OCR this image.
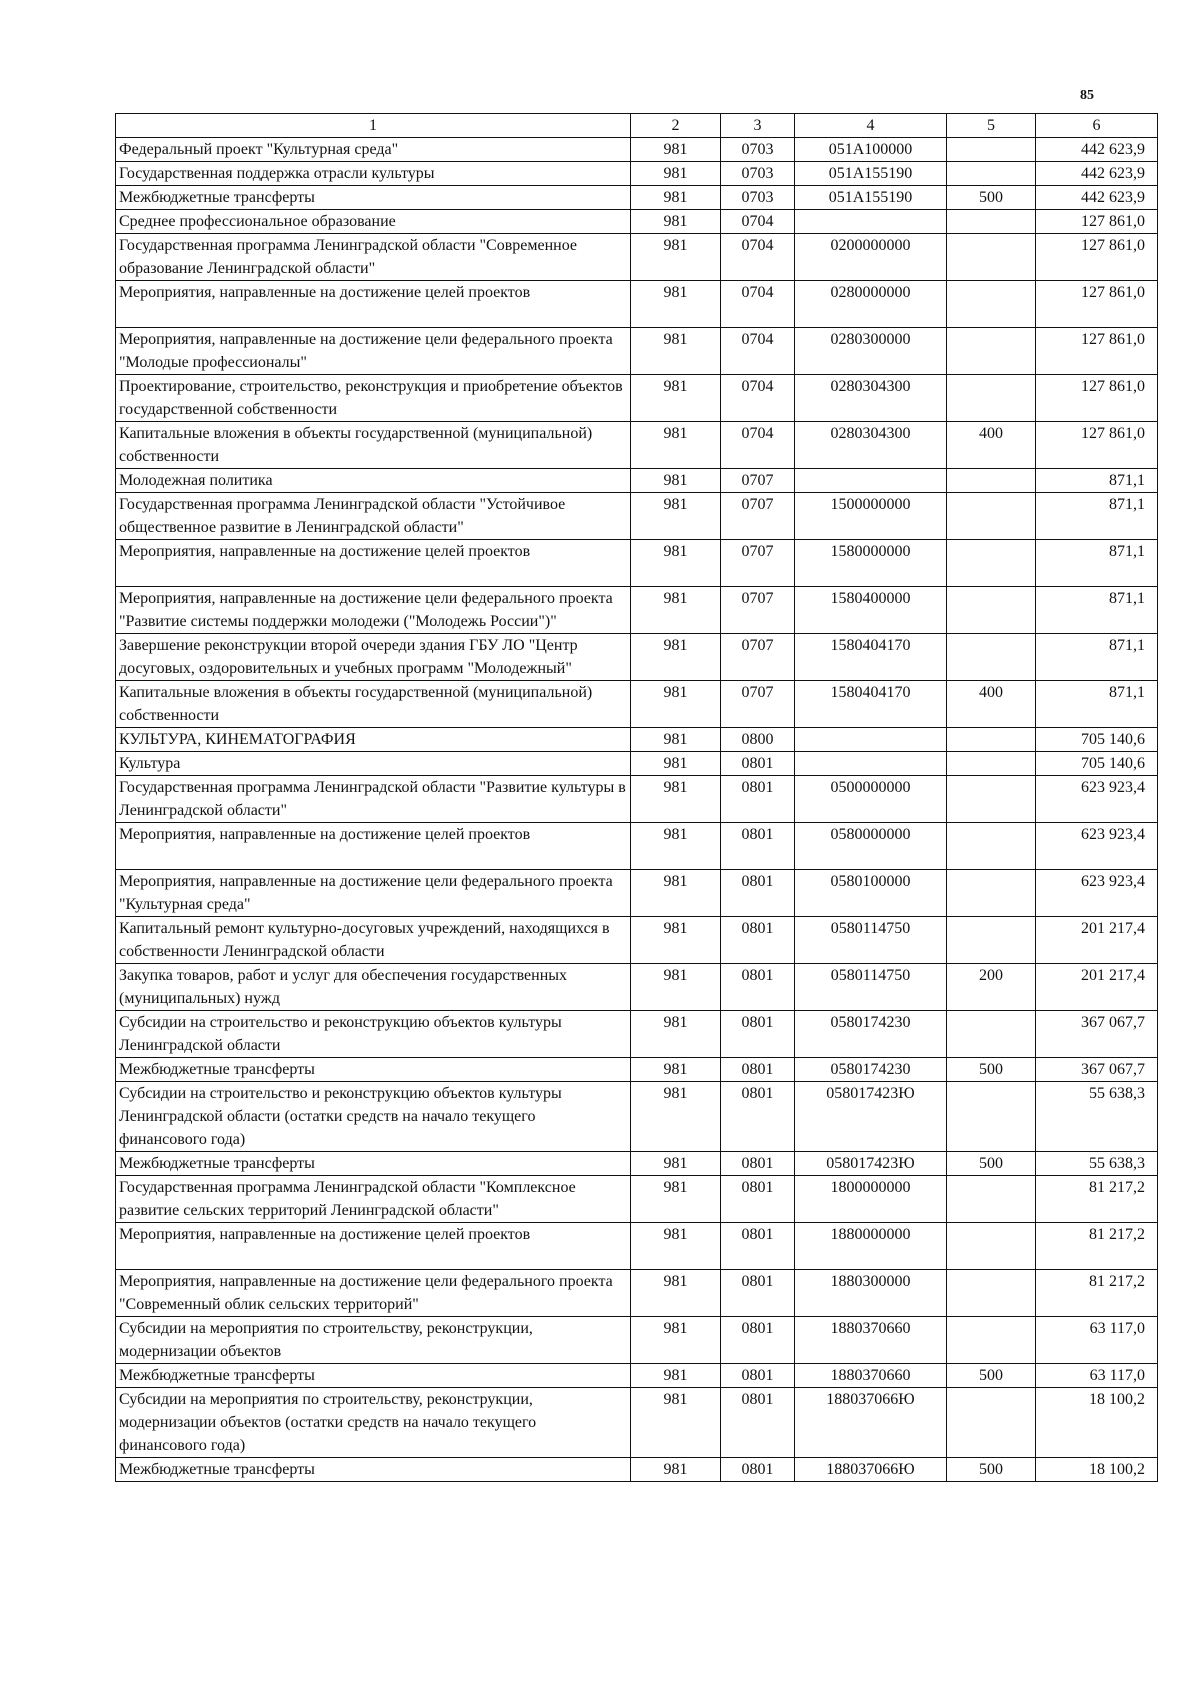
85
1	2	3	4	5	6
Федеральный проект "Культурная среда"	981	0703	051A100000		442 623,9
Государственная поддержка отрасли культуры	981	0703	051A155190		442 623,9
Межбюджетные трансферты	981	0703	051A155190	500	442 623,9
Среднее профессиональное образование	981	0704			127 861,0
Государственная программа Ленинградской области "Современное образование Ленинградской области"	981	0704	0200000000		127 861,0
Мероприятия, направленные на достижение целей проектов	981	0704	0280000000		127 861,0
Мероприятия, направленные на достижение цели федерального проекта "Молодые профессионалы"	981	0704	0280300000		127 861,0
Проектирование, строительство, реконструкция и приобретение объектов государственной собственности	981	0704	0280304300		127 861,0
Капитальные вложения в объекты государственной (муниципальной) собственности	981	0704	0280304300	400	127 861,0
Молодежная политика	981	0707			871,1
Государственная программа Ленинградской области "Устойчивое общественное развитие в Ленинградской области"	981	0707	1500000000		871,1
Мероприятия, направленные на достижение целей проектов	981	0707	1580000000		871,1
Мероприятия, направленные на достижение цели федерального проекта "Развитие системы поддержки молодежи ("Молодежь России")"	981	0707	1580400000		871,1
Завершение реконструкции второй очереди здания ГБУ ЛО "Центр досуговых, оздоровительных и учебных программ "Молодежный"	981	0707	1580404170		871,1
Капитальные вложения в объекты государственной (муниципальной) собственности	981	0707	1580404170	400	871,1
КУЛЬТУРА, КИНЕМАТОГРАФИЯ	981	0800			705 140,6
Культура	981	0801			705 140,6
Государственная программа Ленинградской области "Развитие культуры в Ленинградской области"	981	0801	0500000000		623 923,4
Мероприятия, направленные на достижение целей проектов	981	0801	0580000000		623 923,4
Мероприятия, направленные на достижение цели федерального проекта "Культурная среда"	981	0801	0580100000		623 923,4
Капитальный ремонт культурно-досуговых учреждений, находящихся в собственности Ленинградской области	981	0801	0580114750		201 217,4
Закупка товаров, работ и услуг для обеспечения государственных (муниципальных) нужд	981	0801	0580114750	200	201 217,4
Субсидии на строительство и реконструкцию объектов культуры Ленинградской области	981	0801	0580174230		367 067,7
Межбюджетные трансферты	981	0801	0580174230	500	367 067,7
Субсидии на строительство и реконструкцию объектов культуры Ленинградской области (остатки средств на начало текущего финансового года)	981	0801	058017423Ю		55 638,3
Межбюджетные трансферты	981	0801	058017423Ю	500	55 638,3
Государственная программа Ленинградской области "Комплексное развитие сельских территорий Ленинградской области"	981	0801	1800000000		81 217,2
Мероприятия, направленные на достижение целей проектов	981	0801	1880000000		81 217,2
Мероприятия, направленные на достижение цели федерального проекта "Современный облик сельских территорий"	981	0801	1880300000		81 217,2
Субсидии на мероприятия по строительству, реконструкции, модернизации объектов	981	0801	1880370660		63 117,0
Межбюджетные трансферты	981	0801	1880370660	500	63 117,0
Субсидии на мероприятия по строительству, реконструкции, модернизации объектов (остатки средств на начало текущего финансового года)	981	0801	188037066Ю		18 100,2
Межбюджетные трансферты	981	0801	188037066Ю	500	18 100,2
